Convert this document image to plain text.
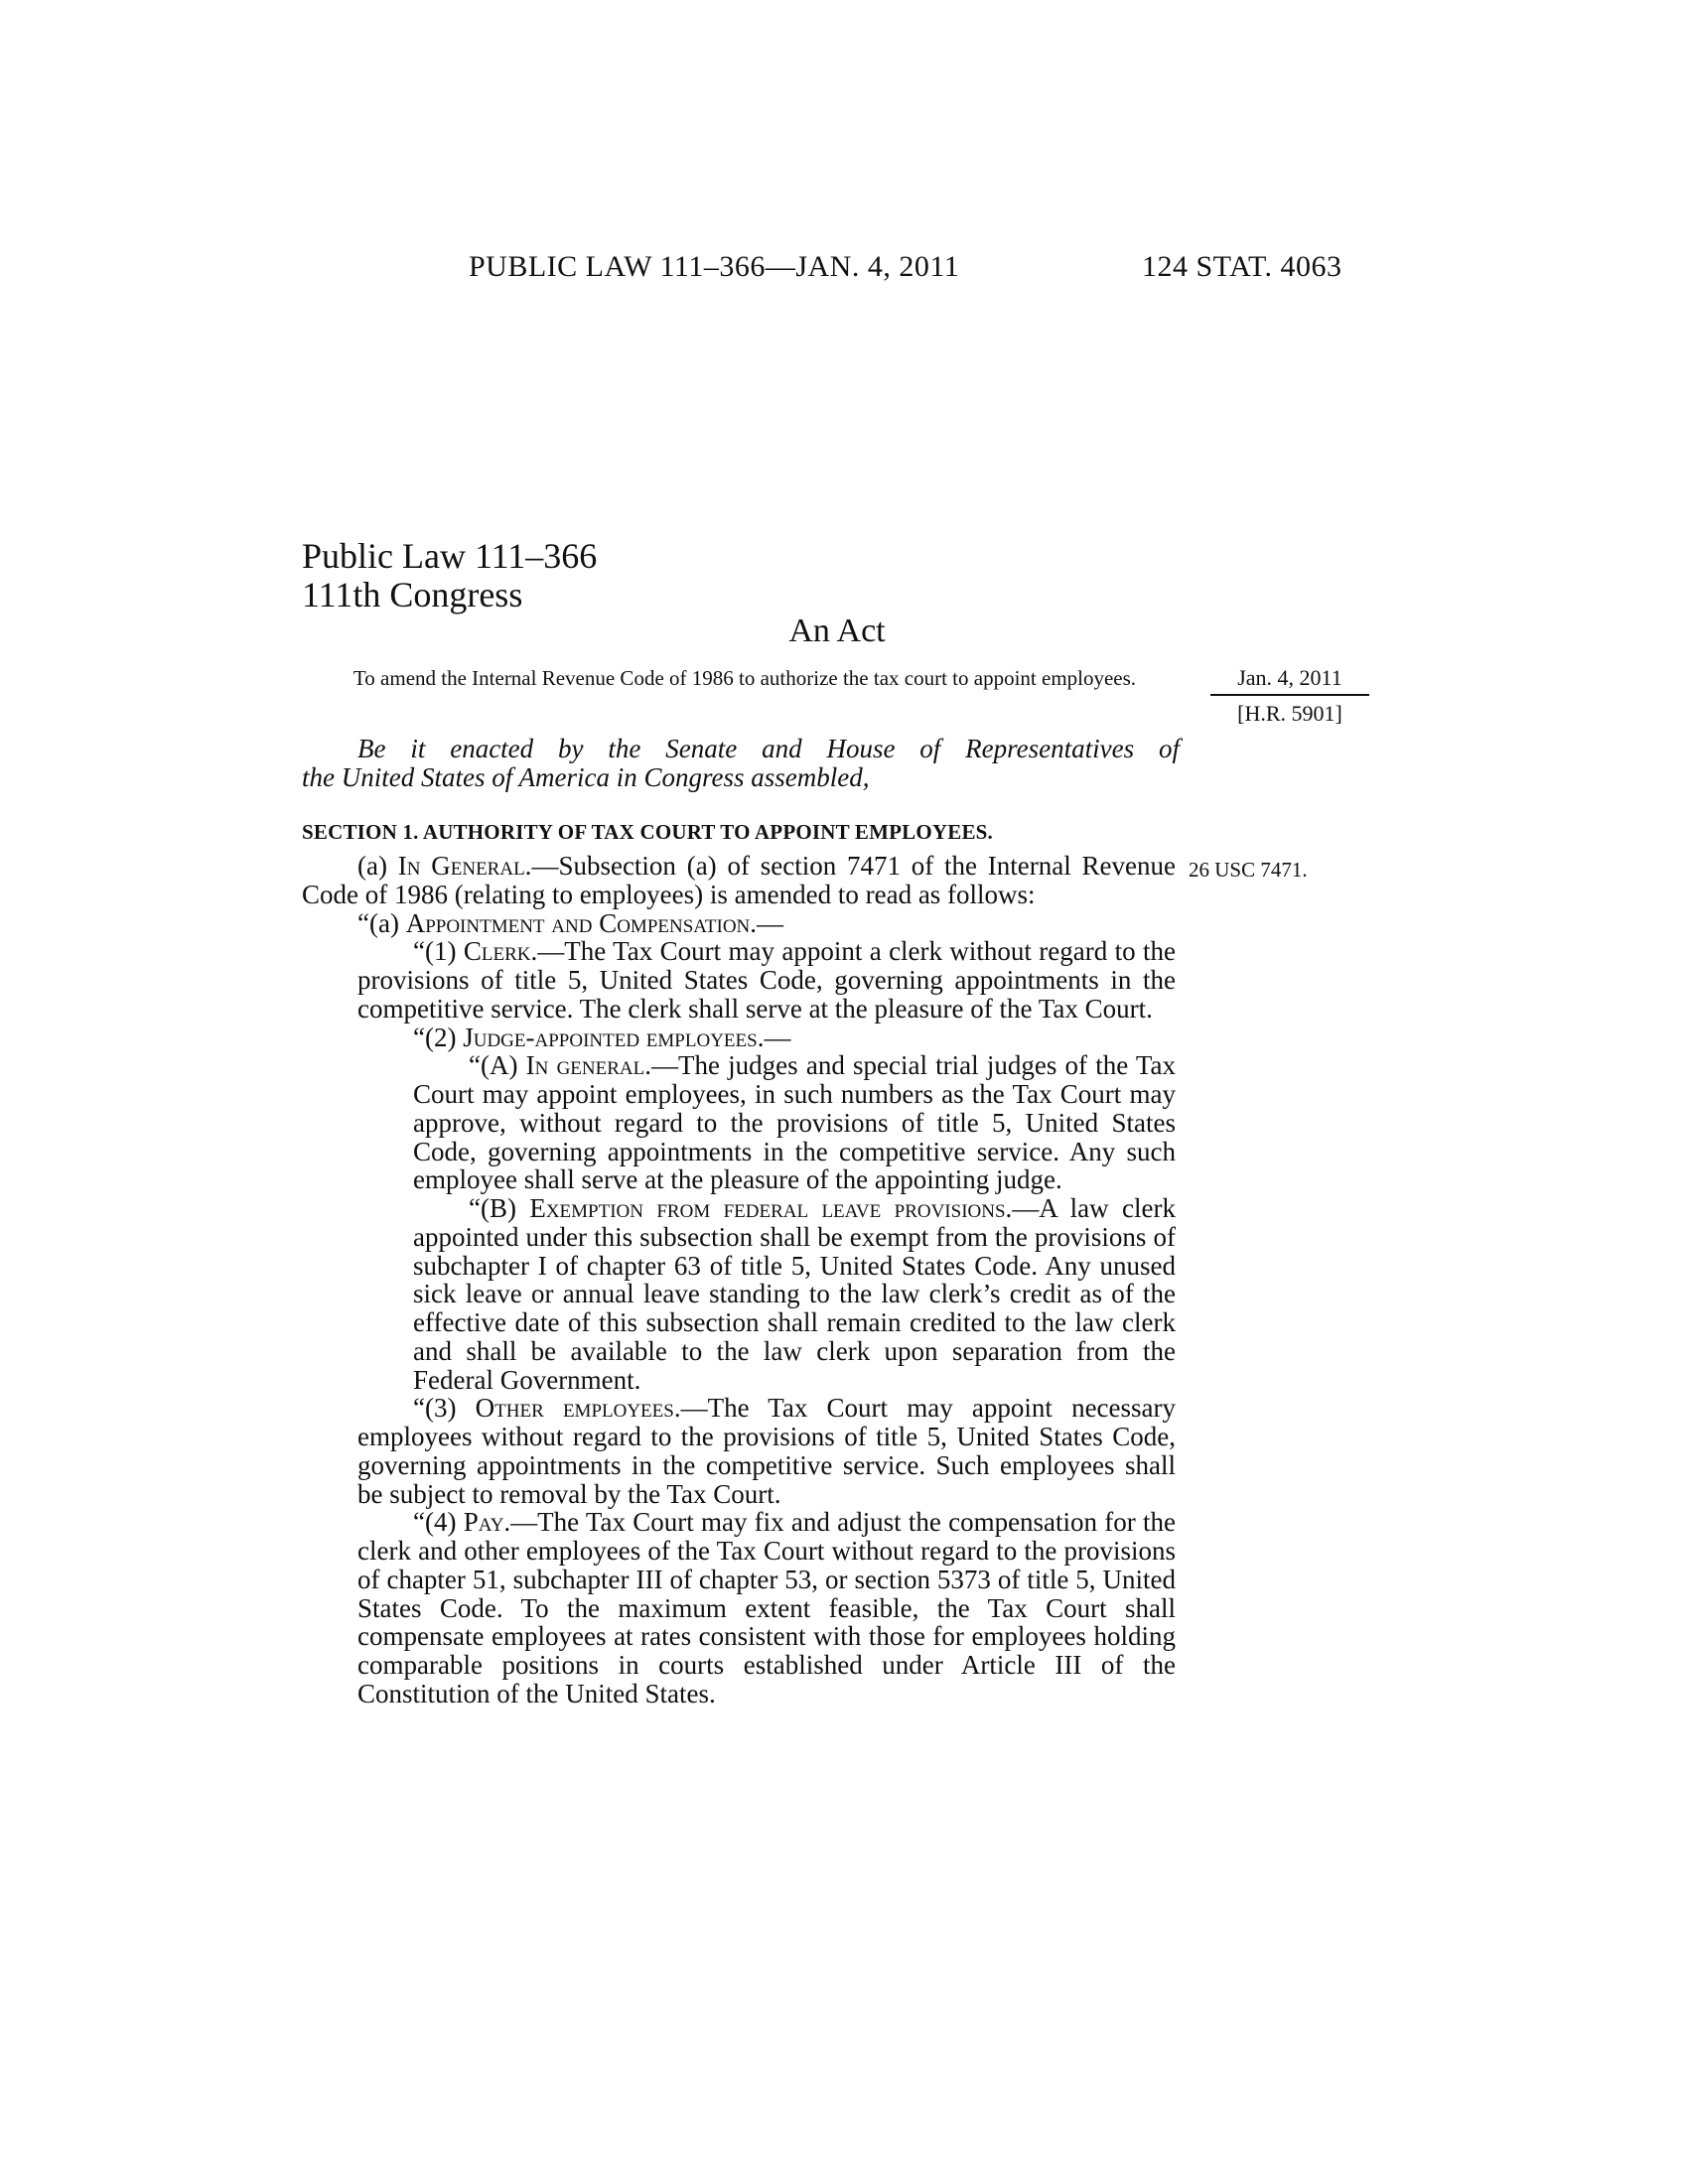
PUBLIC LAW 111–366—JAN. 4, 2011	124 STAT. 4063
Public Law 111–366
111th Congress
An Act
To amend the Internal Revenue Code of 1986 to authorize the tax court to appoint employees.	Jan. 4, 2011
[H.R. 5901]
Be it enacted by the Senate and House of Representatives of
the United States of America in Congress assembled,
SECTION 1. AUTHORITY OF TAX COURT TO APPOINT EMPLOYEES.
26 USC 7471.

(a) In General.—Subsection (a) of section 7471 of the Internal Revenue Code of 1986 (relating to employees) is amended to read as follows:

“(a) Appointment and Compensation.—

“(1) Clerk.—The Tax Court may appoint a clerk without regard to the provisions of title 5, United States Code, governing appointments in the competitive service. The clerk shall serve at the pleasure of the Tax Court.

“(2) Judge-appointed employees.—

“(A) In general.—The judges and special trial judges of the Tax Court may appoint employees, in such numbers as the Tax Court may approve, without regard to the provisions of title 5, United States Code, governing appointments in the competitive service. Any such employee shall serve at the pleasure of the appointing judge.

“(B) Exemption from federal leave provisions.—A law clerk appointed under this subsection shall be exempt from the provisions of subchapter I of chapter 63 of title 5, United States Code. Any unused sick leave or annual leave standing to the law clerk’s credit as of the effective date of this subsection shall remain credited to the law clerk and shall be available to the law clerk upon separation from the Federal Government.

“(3) Other employees.—The Tax Court may appoint necessary employees without regard to the provisions of title 5, United States Code, governing appointments in the competitive service. Such employees shall be subject to removal by the Tax Court.

“(4) Pay.—The Tax Court may fix and adjust the compensation for the clerk and other employees of the Tax Court without regard to the provisions of chapter 51, subchapter III of chapter 53, or section 5373 of title 5, United States Code. To the maximum extent feasible, the Tax Court shall compensate employees at rates consistent with those for employees holding comparable positions in courts established under Article III of the Constitution of the United States.
